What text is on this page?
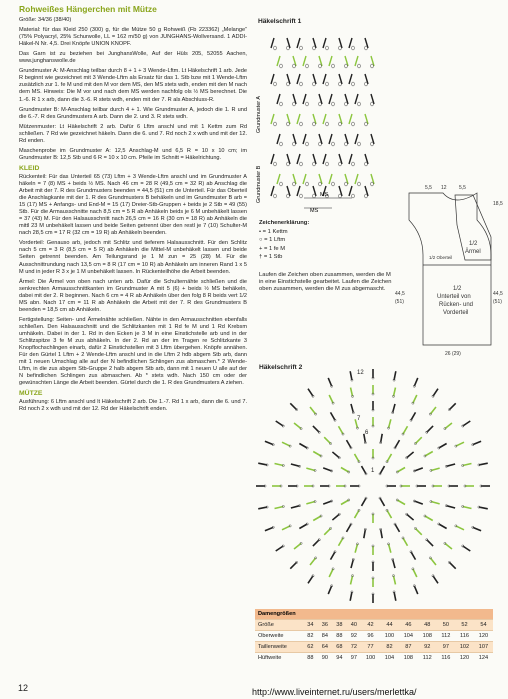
Rohweißes Hängerchen mit Mütze

Größe: 34/36 (38/40)

Material: für das Kleid 250 (300) g, für die Mütze 50 g Rohweiß (Fb 223362) „Melange“ (75% Polyacryl, 25% Schurwolle, LL = 162 m/50 g) von JUNGHANS-Wollversand. 1 ADDI-Häkel-N Nr. 4,5. Drei Knöpfe UNION KNOPF.

Das Garn ist zu beziehen bei JunghansWolle, Auf der Hüls 205, 52055 Aachen, www.junghanswolle.de

Grundmuster A: M-Anschlag teilbar durch 8 + 1 + 3 Wende-Lftm. Lt Häkelschrift 1 arb. Jede R beginnt wie gezeichnet mit 3 Wende-Lftm als Ersatz für das 1. Stb bzw mit 1 Wende-Lftm zusätzlich zur 1. fe M und mit den M vor dem MS, den MS stets wdh, enden mit den M nach dem MS. Hinweis: Die M vor und nach dem MS werden nachfolg ols ½ MS berechnet. Die 1.-6. R 1 x arb, dann die 3.-6. R stets wdh, enden mit der 7. R als Abschluss-R.

Grundmuster B: M-Anschlag teilbar durch 4 + 1. Wie Grundmuster A, jedoch die 1. R und die 6.-7. R des Grundmusters A arb. Dann die 2. und 3. R stets wdh.

Mützenmuster: Lt Häkelschrift 2 arb. Dafür 6 Lftm anschl und mit 1 Kettm zum Rd schließen. 7 Rd wie gezeichnet häkeln. Dann die 6. und 7. Rd noch 2 x wdh und mit der 12. Rd enden.

Maschenprobe im Grundmuster A: 12,5 Anschlag-M und 6,5 R = 10 x 10 cm; im Grundmuster B: 12,5 Stb und 6 R = 10 x 10 cm. Pfeile im Schnitt = Häkelrichtung.

KLEID

Rückenteil: Für das Unterteil 65 (73) Lftm + 3 Wende-Lftm anschl und im Grundmuster A häkeln = 7 (8) MS + beids ½ MS. Nach 46 cm = 28 R (49,5 cm = 32 R) ab Anschlag die Arbeit mit der 7. R des Grundmusters beenden = 44,5 (51) cm de Unterteil. Für das Oberteil die Anschlagkante mit der 1. R des Grundmusters B behäkeln und im Grundmuster B arb = 15 (17) MS + Anfangs- und End-M = 15 (17) Dreier-Stb-Gruppen + beids je 2 Stb = 49 (55) Stb. Für die Armausschnitte nach 8,5 cm = 5 R ab Anhäkeln beids je 6 M unbehäkelt lassen = 37 (43) M. Für den Halsausschnitt nach 26,5 cm = 16 R (30 cm = 18 R) ab Anhäkeln die mittl 23 M unbehäkelt lassen und beide Seiten getrennt über den restl je 7 (10) Schulter-M nach 28,5 cm = 17 R (32 cm = 19 R) ab Anhäkeln beenden.

Vorderteil: Genauso arb, jedoch mit Schlitz und tieferem Halsausschnitt. Für den Schlitz nach 5 cm = 3 R (8,5 cm = 5 R) ab Anhäkeln die Mittel-M unbehäkelt lassen und beide Seiten getrennt beenden. Am Teilungsrand je 1 M zun = 25 (28) M. Für die Ausschnittrundung nach 13,5 cm = 8 R (17 cm = 10 R) ab Anhäkeln am inneren Rand 1 x 5 M und in jeder R 3 x je 1 M unbehäkelt lassen. In Rückenteilhöhe die Arbeit beenden.

Ärmel: Die Ärmel von oben nach unten arb. Dafür die Schulternähte schließen und die senkrechten Armausschnittkanten im Grundmuster A mit 5 (6) + beids ½ MS behäkeln, dabei mit der 2. R beginnen. Nach 6 cm = 4 R ab Anhäkeln über den folg 8 R beids vert 1/2 MS abn. Nach 17 cm = 11 R ab Anhäkeln die Arbeit mit der 7. R des Grundmusters B beenden = 18,5 cm ab Anhäkeln.

Fertigstellung: Seiten- und Ärmelnähte schließen. Nähte in den Armausschnitten ebenfalls schließen. Den Halsausschnitt und die Schlitzkanten mit 1 Rd fe M und 1 Rd Krebsm umhäkeln. Dabei in der 1. Rd in den Ecken je 3 M in eine Einstichstelle arb und in der Schlitzspitze 3 fe M zus abhäkeln. In der 2. Rd an der im Tragen re Schlitzkante 3 Knopflochschlingen einarb, dafür 2 Einstichstellen mit 3 Lftm übergehen. Knöpfe annähen. Für den Gürtel 1 Lftm + 2 Wende-Lftm anschl und in die Lftm 2 hdb abgem Stb arb, dann mit 1 neuen Umschlag alle auf der N befindlichen Schlingen zus abmaschen.* 2 Wende-Lftm, in die zus abgem Stb-Gruppe 2 halb abgem Stb arb, dann mit 1 neuen U alle auf der N befindlichen Schlingen zus abmaschen. Ab * stets wdh. Nach 150 cm oder der gewünschten Länge die Arbeit beenden. Gürtel durch die 1. R des Grundmusters A ziehen.

MÜTZE

Ausführung: 6 Lftm anschl und lt Häkelschrift 2 arb. Die 1.-7. Rd 1 x arb, dann die 6. und 7. Rd noch 2 x wdh und mit der 12. Rd der Häkelschrift enden.

Häkelschrift 1
Grundmuster A
Grundmuster B	MS
MS
Zeichenerklärung:
• = 1 Kettm
○ = 1 Lftm
+ = 1 fe M
† = 1 Stb
Laufen die Zeichen oben zusammen, werden die M in eine Einstichstelle gearbeitet. Laufen die Zeichen oben zusammen, werden die M zus abgemascht.
5,5 12 5,5
1/2
Ärmel
1/2 Oberteil
1/2
Unterteil von
Rücken- und
Vorderteil
44,5
(51)
18,5
44,5
(51)
26 (29)
Häkelschrift 2
12
7
6
1
Damengrößen											
Größe	34	36	38	40	42	44	46	48	50	52	54
Oberweite	82	84	88	92	96	100	104	108	112	116	120
Taillenweite	62	64	68	72	77	82	87	92	97	102	107
Hüftweite	88	90	94	97	100	104	108	112	116	120	124
12	http://www.liveinternet.ru/users/merlettka/
